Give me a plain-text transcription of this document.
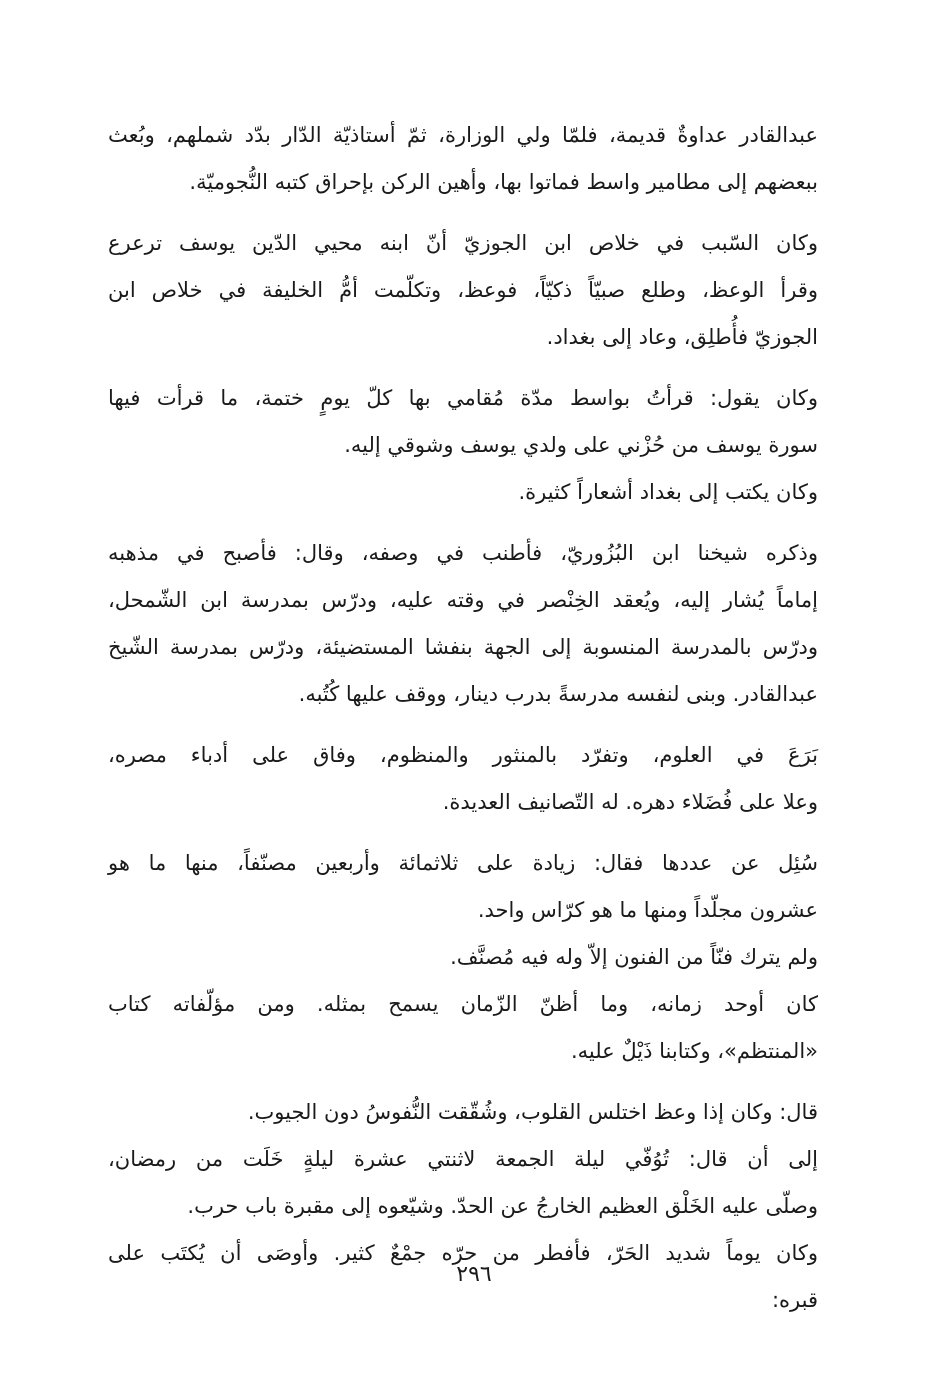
عبدالقادر عداوةٌ قديمة، فلمّا ولي الوزارة، ثمّ أستاذيّة الدّار بدّد شملهم، وبُعث
ببعضهم إلى مطامير واسط فماتوا بها، وأهين الركن بإحراق كتبه النُّجوميّة.

وكان السّبب في خلاص ابن الجوزيّ أنّ ابنه محيي الدّين يوسف ترعرع
وقرأ الوعظ، وطلع صبيّاً ذكيّاً، فوعظ، وتكلّمت أمُّ الخليفة في خلاص ابن
الجوزيّ فأُطلِق، وعاد إلى بغداد.

وكان يقول: قرأتُ بواسط مدّة مُقامي بها كلّ يومٍ ختمة، ما قرأت فيها
سورة يوسف من حُزْني على ولدي يوسف وشوقي إليه.

وكان يكتب إلى بغداد أشعاراً كثيرة.

وذكره شيخنا ابن البُزُوريّ، فأطنب في وصفه، وقال: فأصبح في مذهبه
إماماً يُشار إليه، ويُعقد الخِنْصر في وقته عليه، ودرّس بمدرسة ابن الشّمحل،
ودرّس بالمدرسة المنسوبة إلى الجهة بنفشا المستضيئة، ودرّس بمدرسة الشّيخ
عبدالقادر. وبنى لنفسه مدرسةً بدرب دينار، ووقف عليها كُتُبه.

بَرَعَ في العلوم، وتفرّد بالمنثور والمنظوم، وفاق على أدباء مصره،
وعلا على فُضَلاء دهره. له التّصانيف العديدة.

سُئِل عن عددها فقال: زيادة على ثلاثمائة وأربعين مصنّفاً، منها ما هو
عشرون مجلّداً ومنها ما هو كرّاس واحد.

ولم يترك فنّاً من الفنون إلاّ وله فيه مُصنَّف.

كان أوحد زمانه، وما أظنّ الزّمان يسمح بمثله. ومن مؤلّفاته كتاب
«المنتظم»، وكتابنا ذَيْلٌ عليه.

قال: وكان إذا وعظ اختلس القلوب، وشُقّقت النُّفوسُ دون الجيوب.

إلى أن قال: تُوُفّي ليلة الجمعة لاثنتي عشرة ليلةٍ خَلَت من رمضان،
وصلّى عليه الخَلْق العظيم الخارجُ عن الحدّ. وشيّعوه إلى مقبرة باب حرب.

وكان يوماً شديد الحَرّ، فأفطر من حرّه جمْعٌ كثير. وأوصَى أن يُكتَب على
قبره:

٢٩٦
